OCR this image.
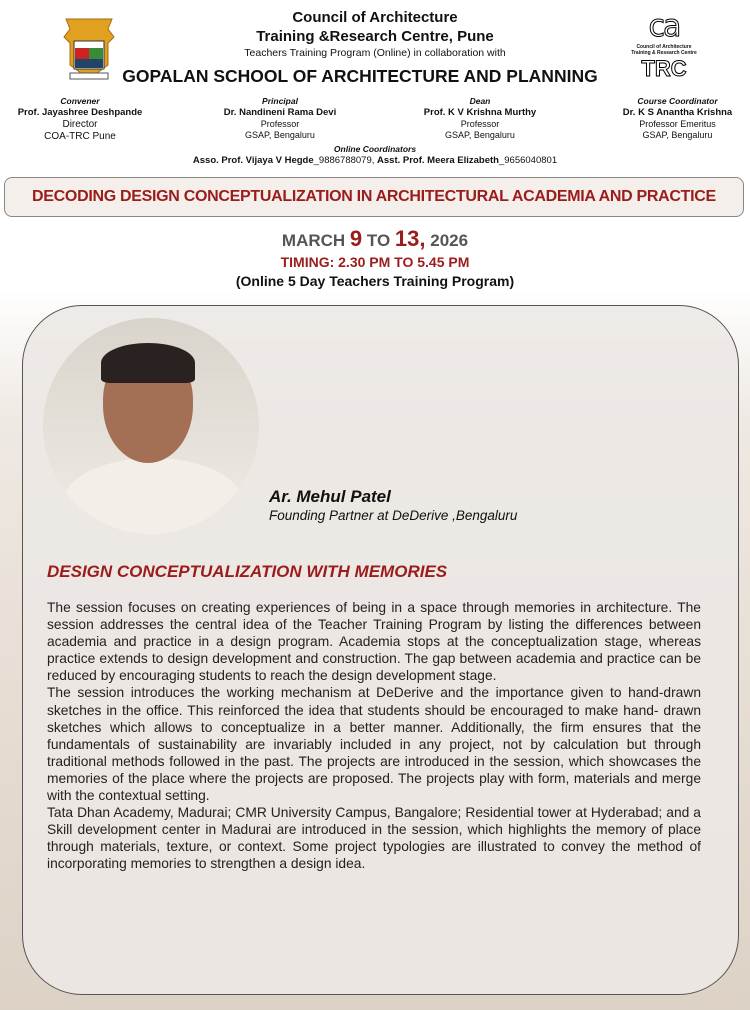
Council of Architecture
Training &Research Centre, Pune
Teachers Training Program (Online) in collaboration with
GOPALAN SCHOOL OF ARCHITECTURE AND PLANNING
ca
Council of Architecture Training & Research Centre
TRC
Convener
Prof. Jayashree Deshpande
Director
COA-TRC Pune
Principal
Dr. Nandineni Rama Devi
Professor
GSAP, Bengaluru
Dean
Prof. K V Krishna Murthy
Professor
GSAP, Bengaluru
Course Coordinator
Dr. K S Anantha Krishna
Professor Emeritus
GSAP, Bengaluru
Online Coordinators
Asso. Prof. Vijaya V Hegde_9886788079, Asst. Prof. Meera Elizabeth_9656040801
DECODING DESIGN CONCEPTUALIZATION IN ARCHITECTURAL ACADEMIA AND PRACTICE
MARCH 9 TO 13, 2026
TIMING: 2.30 PM TO 5.45 PM
(Online 5 Day Teachers Training Program)
Ar. Mehul Patel
Founding Partner at DeDerive ,Bengaluru
DESIGN CONCEPTUALIZATION WITH MEMORIES

The session focuses on creating experiences of being in a space through memories in architecture. The session addresses the central idea of the Teacher Training Program by listing the differences between academia and practice in a design program. Academia stops at the conceptualization stage, whereas practice extends to design development and construction. The gap between academia and practice can be reduced by encouraging students to reach the design development stage.

The session introduces the working mechanism at DeDerive and the importance given to hand-drawn sketches in the office. This reinforced the idea that students should be encouraged to make hand- drawn sketches which allows to conceptualize in a better manner. Additionally, the firm ensures that the fundamentals of sustainability are invariably included in any project, not by calculation but through traditional methods followed in the past. The projects are introduced in the session, which showcases the memories of the place where the projects are proposed. The projects play with form, materials and merge with the contextual setting.

Tata Dhan Academy, Madurai; CMR University Campus, Bangalore; Residential tower at Hyderabad; and a Skill development center in Madurai are introduced in the session, which highlights the memory of place through materials, texture, or context. Some project typologies are illustrated to convey the method of incorporating memories to strengthen a design idea.
